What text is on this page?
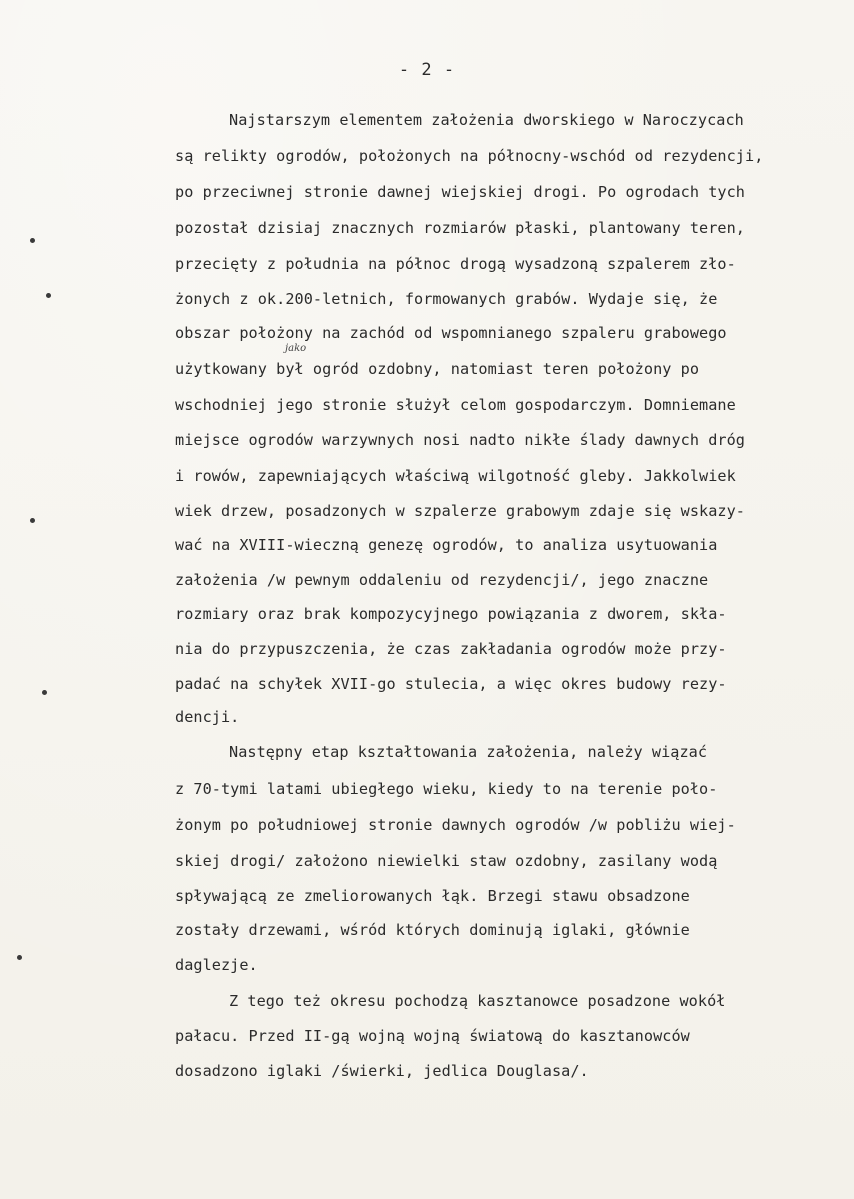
- 2 -
Najstarszym elementem założenia dworskiego w Naroczycach
są relikty ogrodów, położonych na północny-wschód od rezydencji,
po przeciwnej stronie dawnej wiejskiej drogi. Po ogrodach tych
pozostał dzisiaj znacznych rozmiarów płaski, plantowany teren,
przecięty z południa na północ drogą wysadzoną szpalerem zło-
żonych z ok.200-letnich, formowanych grabów. Wydaje się, że
obszar położony na zachód od wspomnianego szpaleru grabowego
jako
użytkowany był ogród ozdobny, natomiast teren położony po
wschodniej jego stronie służył celom gospodarczym. Domniemane
miejsce ogrodów warzywnych nosi nadto nikłe ślady dawnych dróg
i rowów, zapewniających właściwą wilgotność gleby. Jakkolwiek
wiek drzew, posadzonych w szpalerze grabowym zdaje się wskazy-
wać na XVIII-wieczną genezę ogrodów, to analiza usytuowania
założenia /w pewnym oddaleniu od rezydencji/, jego znaczne
rozmiary oraz brak kompozycyjnego powiązania z dworem, skła-
nia do przypuszczenia, że czas zakładania ogrodów może przy-
padać na schyłek XVII-go stulecia, a więc okres budowy rezy-
dencji.
Następny etap kształtowania założenia, należy wiązać
z 70-tymi latami ubiegłego wieku, kiedy to na terenie poło-
żonym po południowej stronie dawnych ogrodów /w pobliżu wiej-
skiej drogi/ założono niewielki staw ozdobny, zasilany wodą
spływającą ze zmeliorowanych łąk. Brzegi stawu obsadzone
zostały drzewami, wśród których dominują iglaki, głównie
daglezje.
Z tego też okresu pochodzą kasztanowce posadzone wokół
pałacu. Przed II-gą wojną wojną światową do kasztanowców
dosadzono iglaki /świerki, jedlica Douglasa/.
